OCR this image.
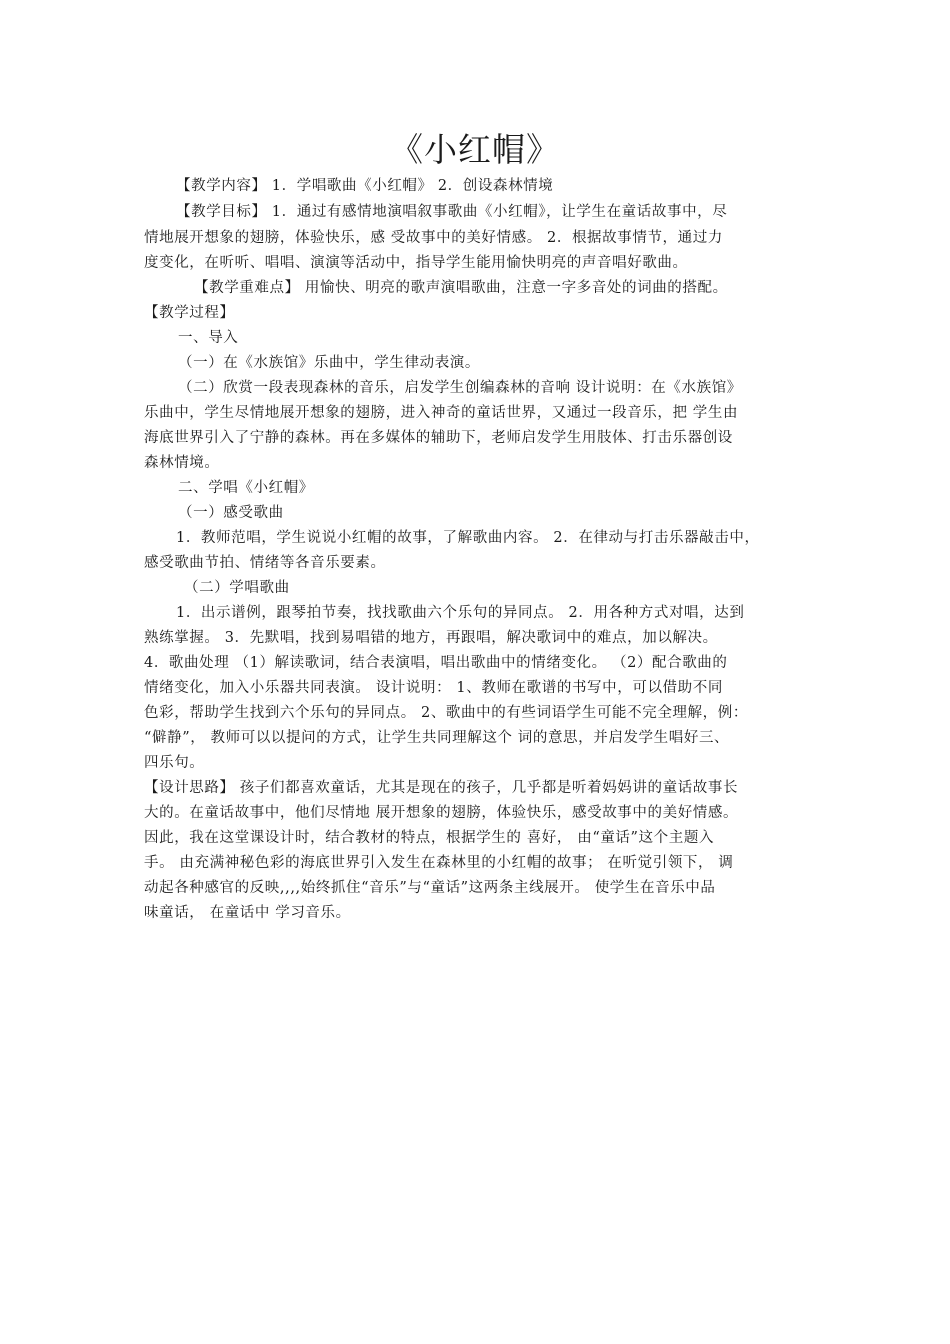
《小红帽》
【教学内容】 1．学唱歌曲《小红帽》 2．创设森林情境
【教学目标】 1．通过有感情地演唱叙事歌曲《小红帽》，让学生在童话故事中，尽
情地展开想象的翅膀，体验快乐，感 受故事中的美好情感。 2．根据故事情节，通过力
度变化，在听听、唱唱、演演等活动中，指导学生能用愉快明亮的声音唱好歌曲。
【教学重难点】 用愉快、明亮的歌声演唱歌曲，注意一字多音处的词曲的搭配。
【教学过程】
一、导入
（一）在《水族馆》乐曲中，学生律动表演。
（二）欣赏一段表现森林的音乐，启发学生创编森林的音响 设计说明：在《水族馆》
乐曲中，学生尽情地展开想象的翅膀，进入神奇的童话世界，又通过一段音乐，把 学生由
海底世界引入了宁静的森林。再在多媒体的辅助下，老师启发学生用肢体、打击乐器创设
森林情境。
二、学唱《小红帽》
（一）感受歌曲
1．教师范唱，学生说说小红帽的故事，了解歌曲内容。 2．在律动与打击乐器敲击中，
感受歌曲节拍、情绪等各音乐要素。
（二）学唱歌曲
1．出示谱例，跟琴拍节奏，找找歌曲六个乐句的异同点。 2．用各种方式对唱，达到
熟练掌握。 3．先默唱，找到易唱错的地方，再跟唱，解决歌词中的难点，加以解决。
4．歌曲处理 （1）解读歌词，结合表演唱，唱出歌曲中的情绪变化。 （2）配合歌曲的
情绪变化，加入小乐器共同表演。 设计说明： 1、教师在歌谱的书写中，可以借助不同
色彩，帮助学生找到六个乐句的异同点。 2、歌曲中的有些词语学生可能不完全理解，例：
“僻静”， 教师可以以提问的方式，让学生共同理解这个 词的意思，并启发学生唱好三、
四乐句。
【设计思路】 孩子们都喜欢童话，尤其是现在的孩子，几乎都是听着妈妈讲的童话故事长
大的。在童话故事中，他们尽情地 展开想象的翅膀，体验快乐，感受故事中的美好情感。
因此，我在这堂课设计时，结合教材的特点，根据学生的 喜好， 由“童话”这个主题入
手。 由充满神秘色彩的海底世界引入发生在森林里的小红帽的故事； 在听觉引领下， 调
动起各种感官的反映,,,,始终抓住“音乐”与“童话”这两条主线展开。 使学生在音乐中品
味童话， 在童话中 学习音乐。
